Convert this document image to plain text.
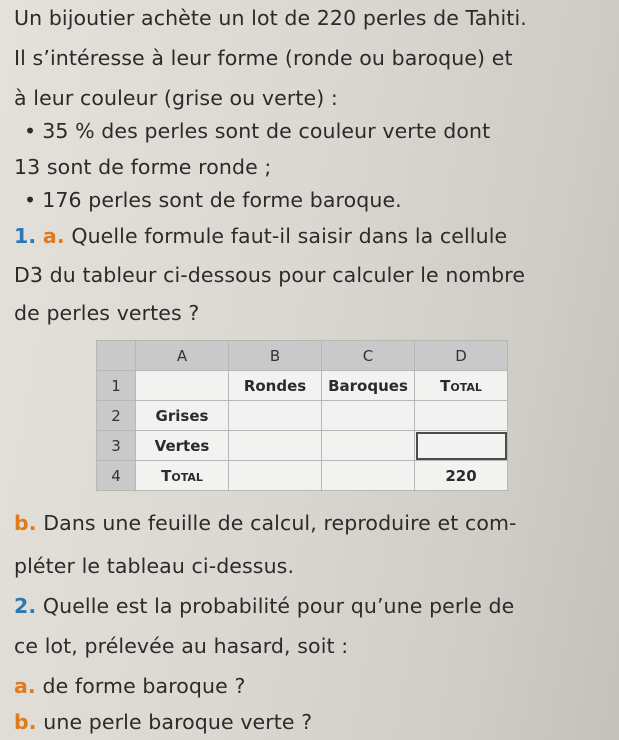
Un bijoutier achète un lot de 220 perles de Tahiti.
Il s’intéresse à leur forme (ronde ou baroque) et
à leur couleur (grise ou verte) :
• 35 % des perles sont de couleur verte dont
13 sont de forme ronde ;
• 176 perles sont de forme baroque.
1. a. Quelle formule faut-il saisir dans la cellule
D3 du tableur ci-dessous pour calculer le nombre
de perles vertes ?
	A	B	C	D
1		Rondes	Baroques	Total
2	Grises			
3	Vertes			
4	Total			220
b. Dans une feuille de calcul, reproduire et com-
pléter le tableau ci-dessus.
2. Quelle est la probabilité pour qu’une perle de
ce lot, prélevée au hasard, soit :
a. de forme baroque ?
b. une perle baroque verte ?
